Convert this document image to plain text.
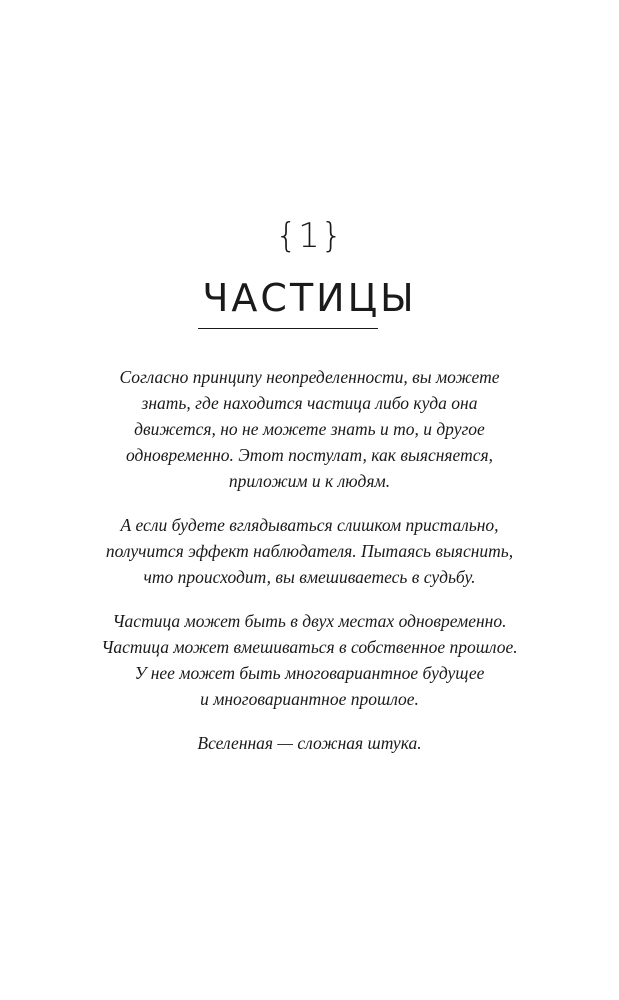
{1}
ЧАСТИЦЫ

Согласно принципу неопределенности, вы можете
знать, где находится частица либо куда она
движется, но не можете знать и то, и другое
одновременно. Этот постулат, как выясняется,
приложим и к людям.

А если будете вглядываться слишком пристально,
получится эффект наблюдателя. Пытаясь выяснить,
что происходит, вы вмешиваетесь в судьбу.

Частица может быть в двух местах одновременно.
Частица может вмешиваться в собственное прошлое.
У нее может быть многовариантное будущее
и многовариантное прошлое.

Вселенная — сложная штука.
